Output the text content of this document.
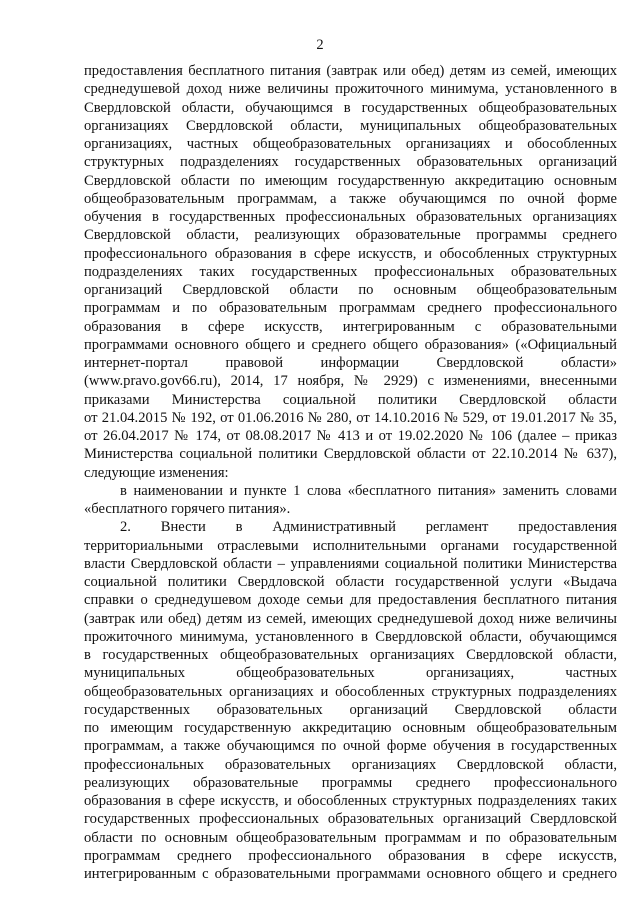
2
предоставления бесплатного питания (завтрак или обед) детям из семей, имеющих
среднедушевой доход ниже величины прожиточного минимума, установленного в
Свердловской области, обучающимся в государственных общеобразовательных
организациях Свердловской области, муниципальных общеобразовательных
организациях, частных общеобразовательных организациях и обособленных
структурных подразделениях государственных образовательных организаций
Свердловской области по имеющим государственную аккредитацию основным
общеобразовательным программам, а также обучающимся по очной форме
обучения в государственных профессиональных образовательных организациях
Свердловской области, реализующих образовательные программы среднего
профессионального образования в сфере искусств, и обособленных структурных
подразделениях таких государственных профессиональных образовательных
организаций Свердловской области по основным общеобразовательным
программам и по образовательным программам среднего профессионального
образования в сфере искусств, интегрированным с образовательными
программами основного общего и среднего общего образования» («Официальный
интернет-портал правовой информации Свердловской области»
(www.pravo.gov66.ru), 2014, 17 ноября, № 2929) с изменениями, внесенными
приказами Министерства социальной политики Свердловской области
от 21.04.2015 № 192, от 01.06.2016 № 280, от 14.10.2016 № 529, от 19.01.2017 № 35,
от 26.04.2017 № 174, от 08.08.2017 № 413 и от 19.02.2020 № 106 (далее – приказ
Министерства социальной политики Свердловской области от 22.10.2014 № 637),
следующие изменения:
в наименовании и пункте 1 слова «бесплатного питания» заменить словами
«бесплатного горячего питания».
2. Внести в Административный регламент предоставления
территориальными отраслевыми исполнительными органами государственной
власти Свердловской области – управлениями социальной политики Министерства
социальной политики Свердловской области государственной услуги «Выдача
справки о среднедушевом доходе семьи для предоставления бесплатного питания
(завтрак или обед) детям из семей, имеющих среднедушевой доход ниже величины
прожиточного минимума, установленного в Свердловской области, обучающимся
в государственных общеобразовательных организациях Свердловской области,
муниципальных общеобразовательных организациях, частных
общеобразовательных организациях и обособленных структурных подразделениях
государственных образовательных организаций Свердловской области
по имеющим государственную аккредитацию основным общеобразовательным
программам, а также обучающимся по очной форме обучения в государственных
профессиональных образовательных организациях Свердловской области,
реализующих образовательные программы среднего профессионального
образования в сфере искусств, и обособленных структурных подразделениях таких
государственных профессиональных образовательных организаций Свердловской
области по основным общеобразовательным программам и по образовательным
программам среднего профессионального образования в сфере искусств,
интегрированным с образовательными программами основного общего и среднего
